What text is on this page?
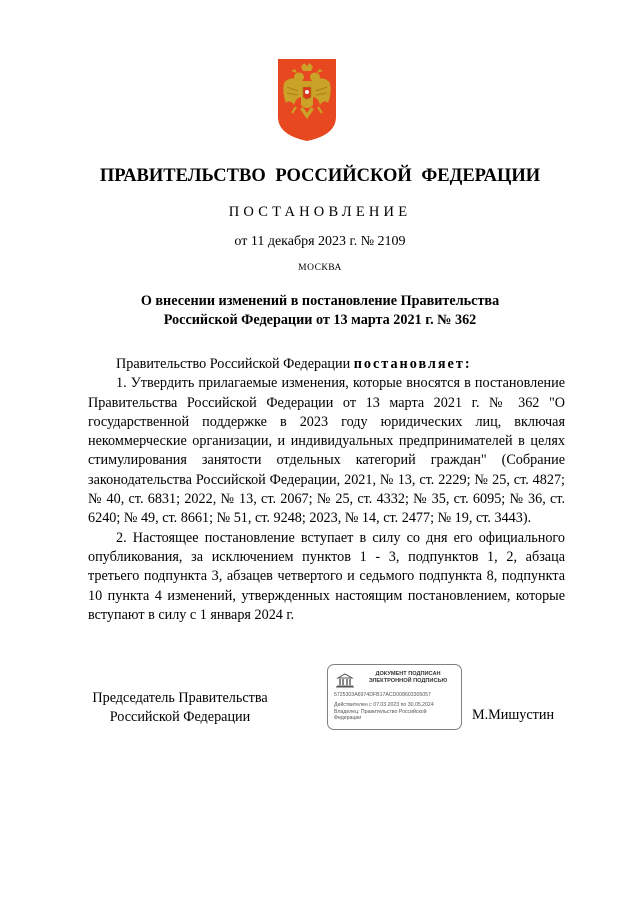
ПРАВИТЕЛЬСТВО РОССИЙСКОЙ ФЕДЕРАЦИИ
ПОСТАНОВЛЕНИЕ
от 11 декабря 2023 г. № 2109
МОСКВА
О внесении изменений в постановление Правительства
Российской Федерации от 13 марта 2021 г. № 362

Правительство Российской Федерации постановляет:

1. Утвердить прилагаемые изменения, которые вносятся в постановление Правительства Российской Федерации от 13 марта 2021 г. № 362 "О государственной поддержке в 2023 году юридических лиц, включая некоммерческие организации, и индивидуальных предпринимателей в целях стимулирования занятости отдельных категорий граждан" (Собрание законодательства Российской Федерации, 2021, № 13, ст. 2229; № 25, ст. 4827; № 40, ст. 6831; 2022, № 13, ст. 2067; № 25, ст. 4332; № 35, ст. 6095; № 36, ст. 6240; № 49, ст. 8661; № 51, ст. 9248; 2023, № 14, ст. 2477; № 19, ст. 3443).

2. Настоящее постановление вступает в силу со дня его официального опубликования, за исключением пунктов 1 - 3, подпунктов 1, 2, абзаца третьего подпункта 3, абзацев четвертого и седьмого подпункта 8, подпункта 10 пункта 4 изменений, утвержденных настоящим постановлением, которые вступают в силу с 1 января 2024 г.

Председатель Правительства
Российской Федерации
ДОКУМЕНТ ПОДПИСАН
ЭЛЕКТРОННОЙ ПОДПИСЬЮ
5725303A6974DFB17ACD008603305057
Действителен с 07.03.2023 по 30.05.2024
Владелец: Правительство Российской
Федерации	М.Мишустин
